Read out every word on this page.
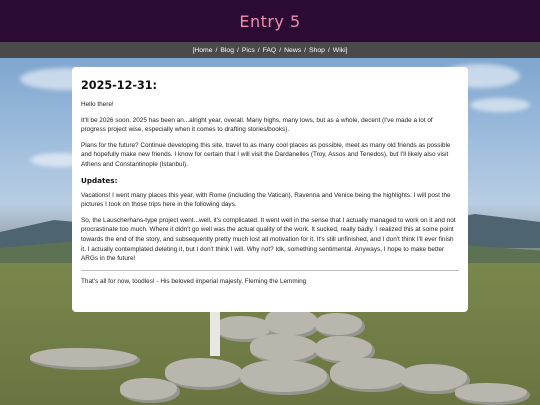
Entry 5
[ Home / Blog / Pics / FAQ / News / Shop / Wiki ]
2025-12-31:

Hello there!

It'll be 2026 soon. 2025 has been an...alright year, overall. Many highs, many lows, but as a whole, decent (I've made a lot of progress project wise, especially when it comes to drafting stories/books).

Plans for the future? Continue developing this site, travel to as many cool places as possible, meet as many old friends as possible and hopefully make new friends. I know for certain that I will visit the Dardanelles (Troy, Assos and Tenedos), but I'll likely also visit Athens and Constantinople (Istanbul).

Updates:

Vacations! I went many places this year, with Rome (including the Vatican), Ravenna and Venice being the highlights. I will post the pictures I took on those trips here in the following days.

So, the Lauscherhans-type project went...well, it's complicated. It went well in the sense that I actually managed to work on it and not procrastinate too much. Where it didn't go well was the actual quality of the work. It sucked, really badly. I realized this at some point towards the end of the story, and subsequently pretty much lost all motivation for it. It's still unfinished, and I don't think I'll ever finish it. I actually contemplated deleting it, but I don't think I will. Why not? Idk, something sentimental. Anyways, I hope to make better ARGs in the future!

That's all for now, toodles! - His beloved imperial majesty, Fleming the Lemming
